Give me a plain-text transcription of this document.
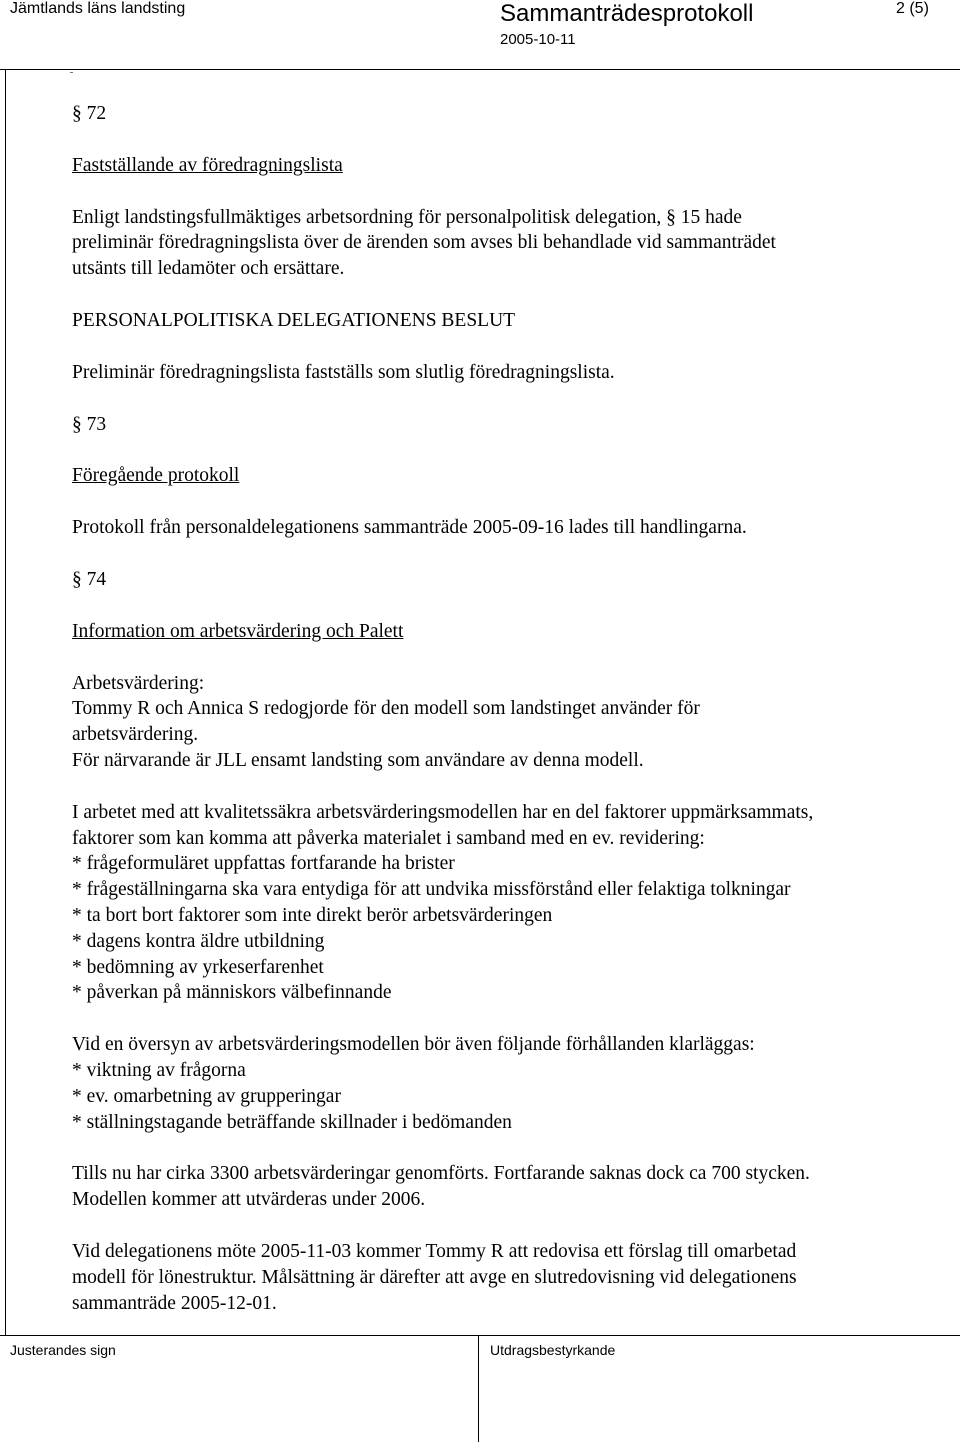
Jämtlands läns landsting	Sammanträdesprotokoll	2 (5)
2005-10-11
§ 72
Fastställande av föredragningslista
Enligt landstingsfullmäktiges arbetsordning för personalpolitisk delegation, § 15 hade
preliminär föredragningslista över de ärenden som avses bli behandlade vid sammanträdet
utsänts till ledamöter och ersättare.
PERSONALPOLITISKA DELEGATIONENS BESLUT
Preliminär föredragningslista fastställs som slutlig föredragningslista.
§ 73
Föregående protokoll
Protokoll från personaldelegationens sammanträde 2005-09-16 lades till handlingarna.
§ 74
Information om arbetsvärdering och Palett
Arbetsvärdering:
Tommy R och Annica S redogjorde för den modell som landstinget använder för
arbetsvärdering.
För närvarande är JLL ensamt landsting som användare av denna modell.
I arbetet med att kvalitetssäkra arbetsvärderingsmodellen har en del faktorer uppmärksammats,
faktorer som kan komma att påverka materialet i samband med en ev. revidering:
* frågeformuläret uppfattas fortfarande ha brister
* frågeställningarna ska vara entydiga för att undvika missförstånd eller felaktiga tolkningar
* ta bort bort faktorer som inte direkt berör arbetsvärderingen
* dagens kontra äldre utbildning
* bedömning av yrkeserfarenhet
* påverkan på människors välbefinnande
Vid en översyn av arbetsvärderingsmodellen bör även följande förhållanden klarläggas:
* viktning av frågorna
* ev. omarbetning av grupperingar
* ställningstagande beträffande skillnader i bedömanden
Tills nu har cirka 3300 arbetsvärderingar genomförts. Fortfarande saknas dock ca 700 stycken.
Modellen kommer att utvärderas under 2006.
Vid delegationens möte 2005-11-03 kommer Tommy R att redovisa ett förslag till omarbetad
modell för lönestruktur. Målsättning är därefter att avge en slutredovisning vid delegationens
sammanträde 2005-12-01.
Justerandes sign	Utdragsbestyrkande
